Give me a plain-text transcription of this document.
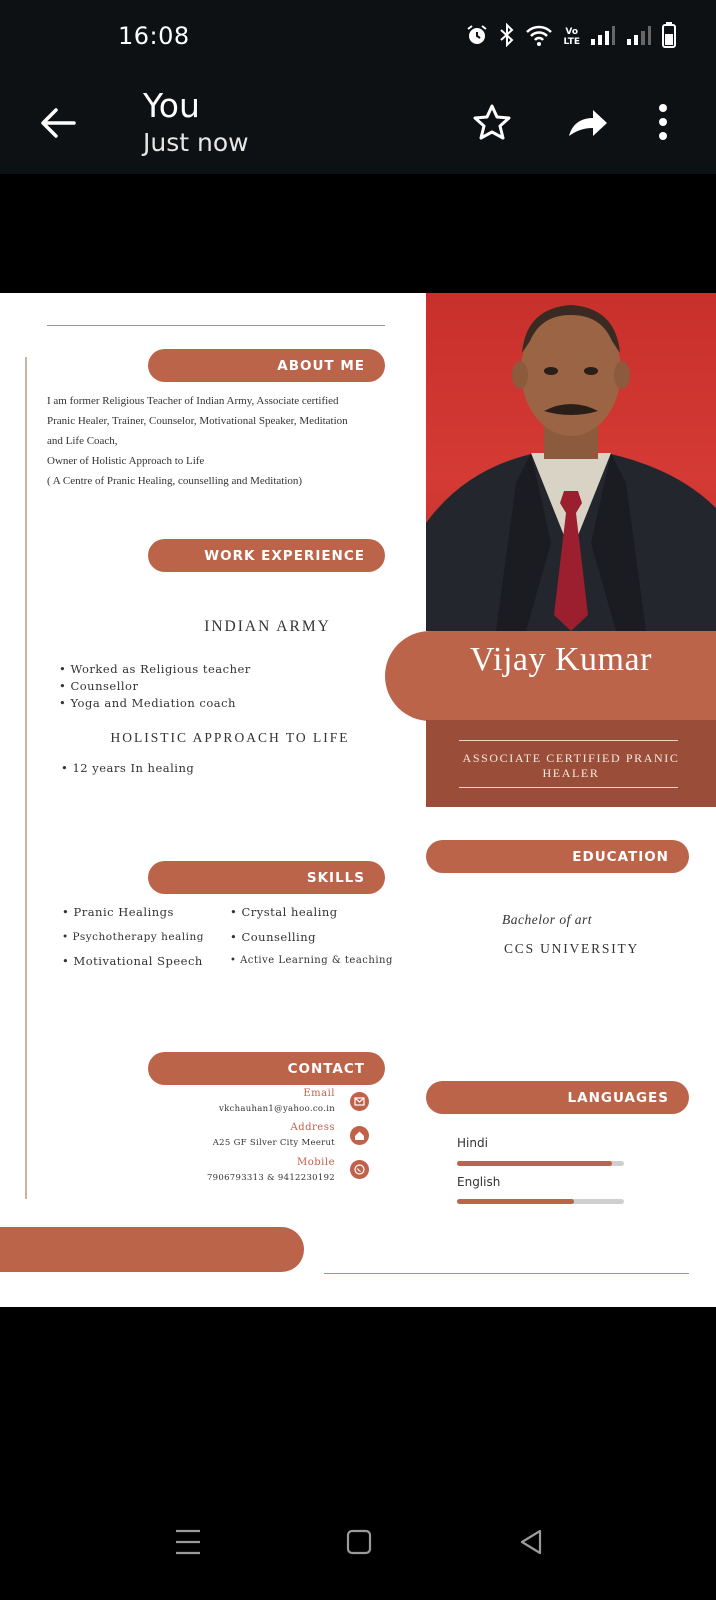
16:08	Vo
LTE
You
Just now
ABOUT ME
I am former Religious Teacher of Indian Army, Associate certified
Pranic Healer, Trainer, Counselor, Motivational Speaker, Meditation
and Life Coach,
Owner of Holistic Approach to Life
( A Centre of Pranic Healing, counselling and Meditation)
WORK EXPERIENCE
INDIAN ARMY
• Worked as Religious teacher
• Counsellor
• Yoga and Mediation coach
HOLISTIC APPROACH TO LIFE
• 12 years In healing
Vijay Kumar
ASSOCIATE CERTIFIED PRANIC HEALER
EDUCATION
Bachelor of art
CCS UNIVERSITY
SKILLS
• Pranic Healings
• Psychotherapy healing
• Motivational Speech
• Crystal healing
• Counselling
• Active Learning & teaching
CONTACT
Email
vkchauhan1@yahoo.co.in
Address
A25 GF Silver City Meerut
Mobile
7906793313 & 9412230192
LANGUAGES
Hindi
English
